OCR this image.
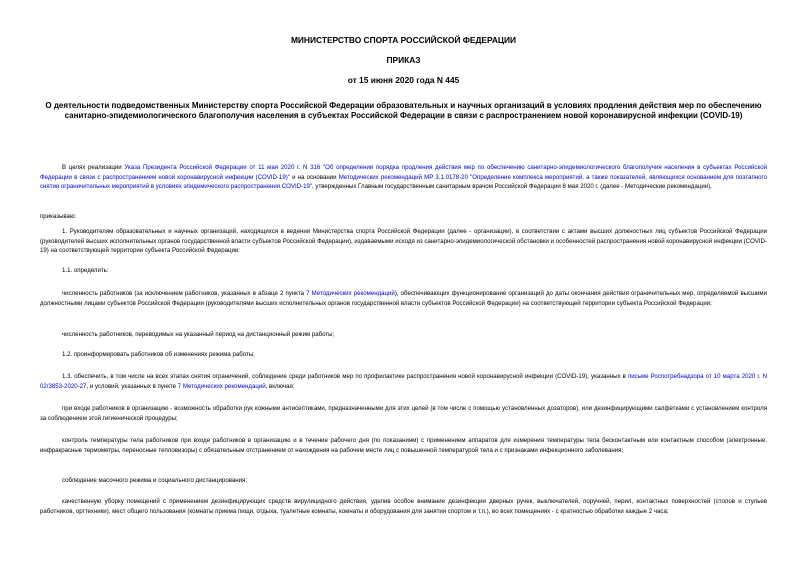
МИНИСТЕРСТВО СПОРТА РОССИЙСКОЙ ФЕДЕРАЦИИ
ПРИКАЗ
от 15 июня 2020 года N 445
О деятельности подведомственных Министерству спорта Российской Федерации образовательных и научных организаций в условиях продления действия мер по обеспечению санитарно-эпидемиологического благополучия населения в субъектах Российской Федерации в связи с распространением новой коронавирусной инфекции (COVID-19)
В целях реализации Указа Президента Российской Федерации от 11 мая 2020 г. N 316 "Об определении порядка продления действия мер по обеспечению санитарно-эпидемиологического благополучия населения в субъектах Российской Федерации в связи с распространением новой коронавирусной инфекции (COVID-19)" и на основании Методических рекомендаций МР 3.1.0178-20 "Определение комплекса мероприятий, а также показателей, являющихся основанием для поэтапного снятия ограничительных мероприятий в условиях эпидемического распространения COVID-19", утвержденных Главным государственным санитарным врачом Российской Федерации 8 мая 2020 г. (далее - Методические рекомендации),
приказываю:
1. Руководителям образовательных и научных организаций, находящихся в ведении Министерства спорта Российской Федерации (далее - организации), в соответствии с актами высших должностных лиц субъектов Российской Федерации (руководителей высших исполнительных органов государственной власти субъектов Российской Федерации), издаваемыми исходя из санитарно-эпидемиологической обстановки и особенностей распространения новой коронавирусной инфекции (COVID-19) на соответствующей территории субъекта Российской Федерации:
1.1. определить:
численность работников (за исключением работников, указанных в абзаце 2 пункта 7 Методических рекомендаций), обеспечивающих функционирование организаций до даты окончания действия ограничительных мер, определяемой высшими должностными лицами субъектов Российской Федерации (руководителями высших исполнительных органов государственной власти субъектов Российской Федерации) на соответствующей территории субъекта Российской Федерации;
численность работников, переводимых на указанный период на дистанционный режим работы;
1.2. проинформировать работников об изменениях режима работы;
1.3. обеспечить, в том числе на всех этапах снятия ограничений, соблюдение среди работников мер по профилактике распространения новой коронавирусной инфекции (COVID-19), указанных в письме Роспотребнадзора от 10 марта 2020 г. N 02/3853-2020-27, и условий, указанных в пункте 7 Методических рекомендаций, включая:
при входе работников в организацию - возможность обработки рук кожными антисептиками, предназначенными для этих целей (в том числе с помощью установленных дозаторов), или дезинфицирующими салфетками с установлением контроля за соблюдением этой гигиенической процедуры;
контроль температуры тела работников при входе работников в организацию и в течение рабочего дня (по показаниям) с применением аппаратов для измерения температуры тела бесконтактным или контактным способом (электронные, инфракрасные термометры, переносные тепловизоры) с обязательным отстранением от нахождения на рабочем месте лиц с повышенной температурой тела и с признаками инфекционного заболевания;
соблюдение масочного режима и социального дистанцирования;
качественную уборку помещений с применением дезинфицирующих средств вирулицидного действия, уделив особое внимание дезинфекции дверных ручек, выключателей, поручней, перил, контактных поверхностей (столов и стульев работников, оргтехники), мест общего пользования (комнаты приема пищи, отдыха, туалетные комнаты, комнаты и оборудования для занятия спортом и т.п.), во всех помещениях - с кратностью обработки каждые 2 часа;
